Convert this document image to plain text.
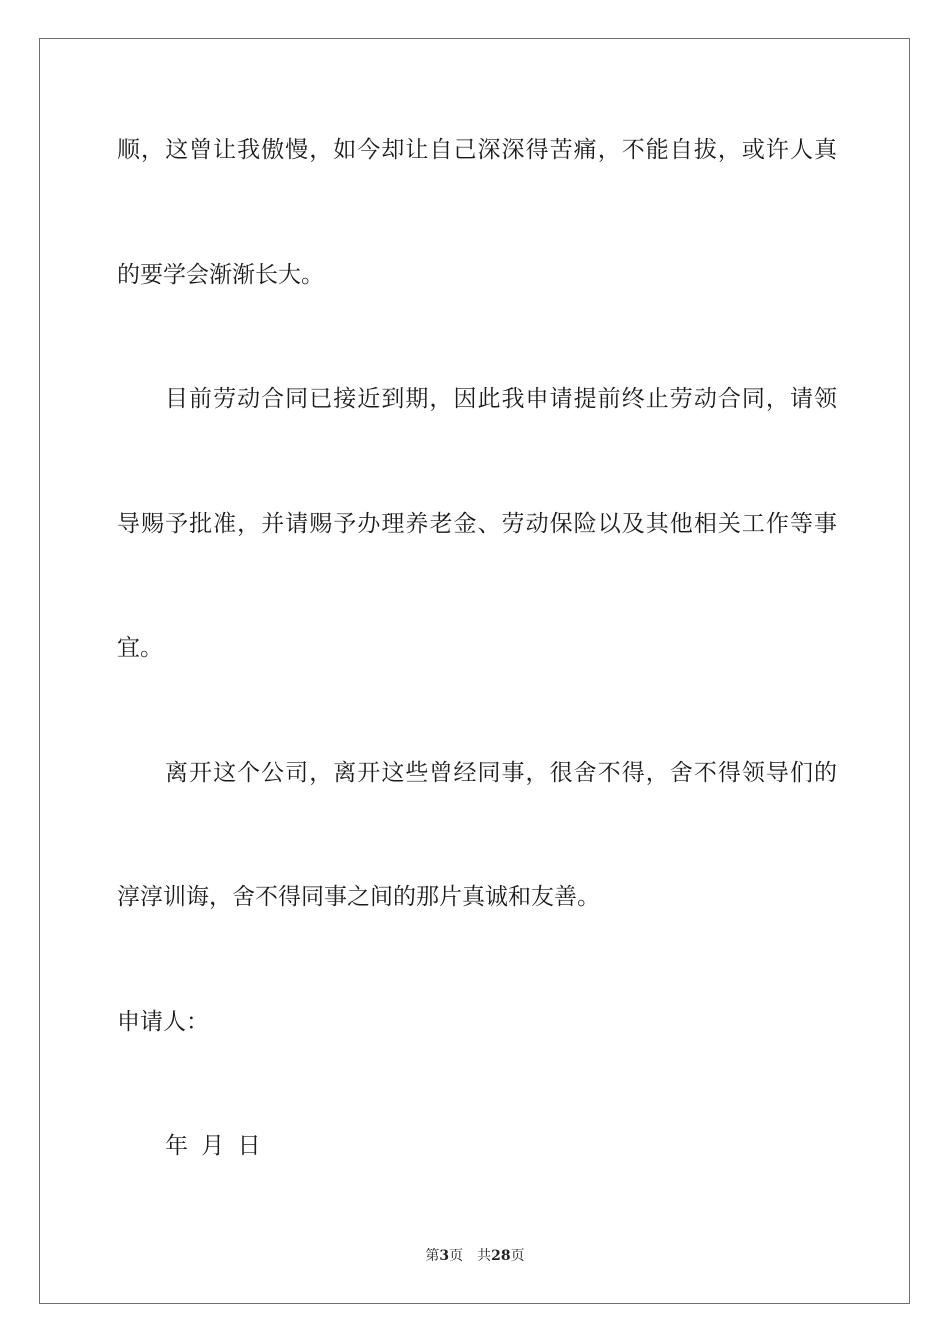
顺，这曾让我傲慢，如今却让自己深深得苦痛，不能自拔，或许人真
的要学会渐渐长大。
目前劳动合同已接近到期，因此我申请提前终止劳动合同，请领
导赐予批准，并请赐予办理养老金、劳动保险以及其他相关工作等事
宜。
离开这个公司，离开这些曾经同事，很舍不得，舍不得领导们的
淳淳训诲，舍不得同事之间的那片真诚和友善。
申请人：
年 月 日
第3页 共28页
